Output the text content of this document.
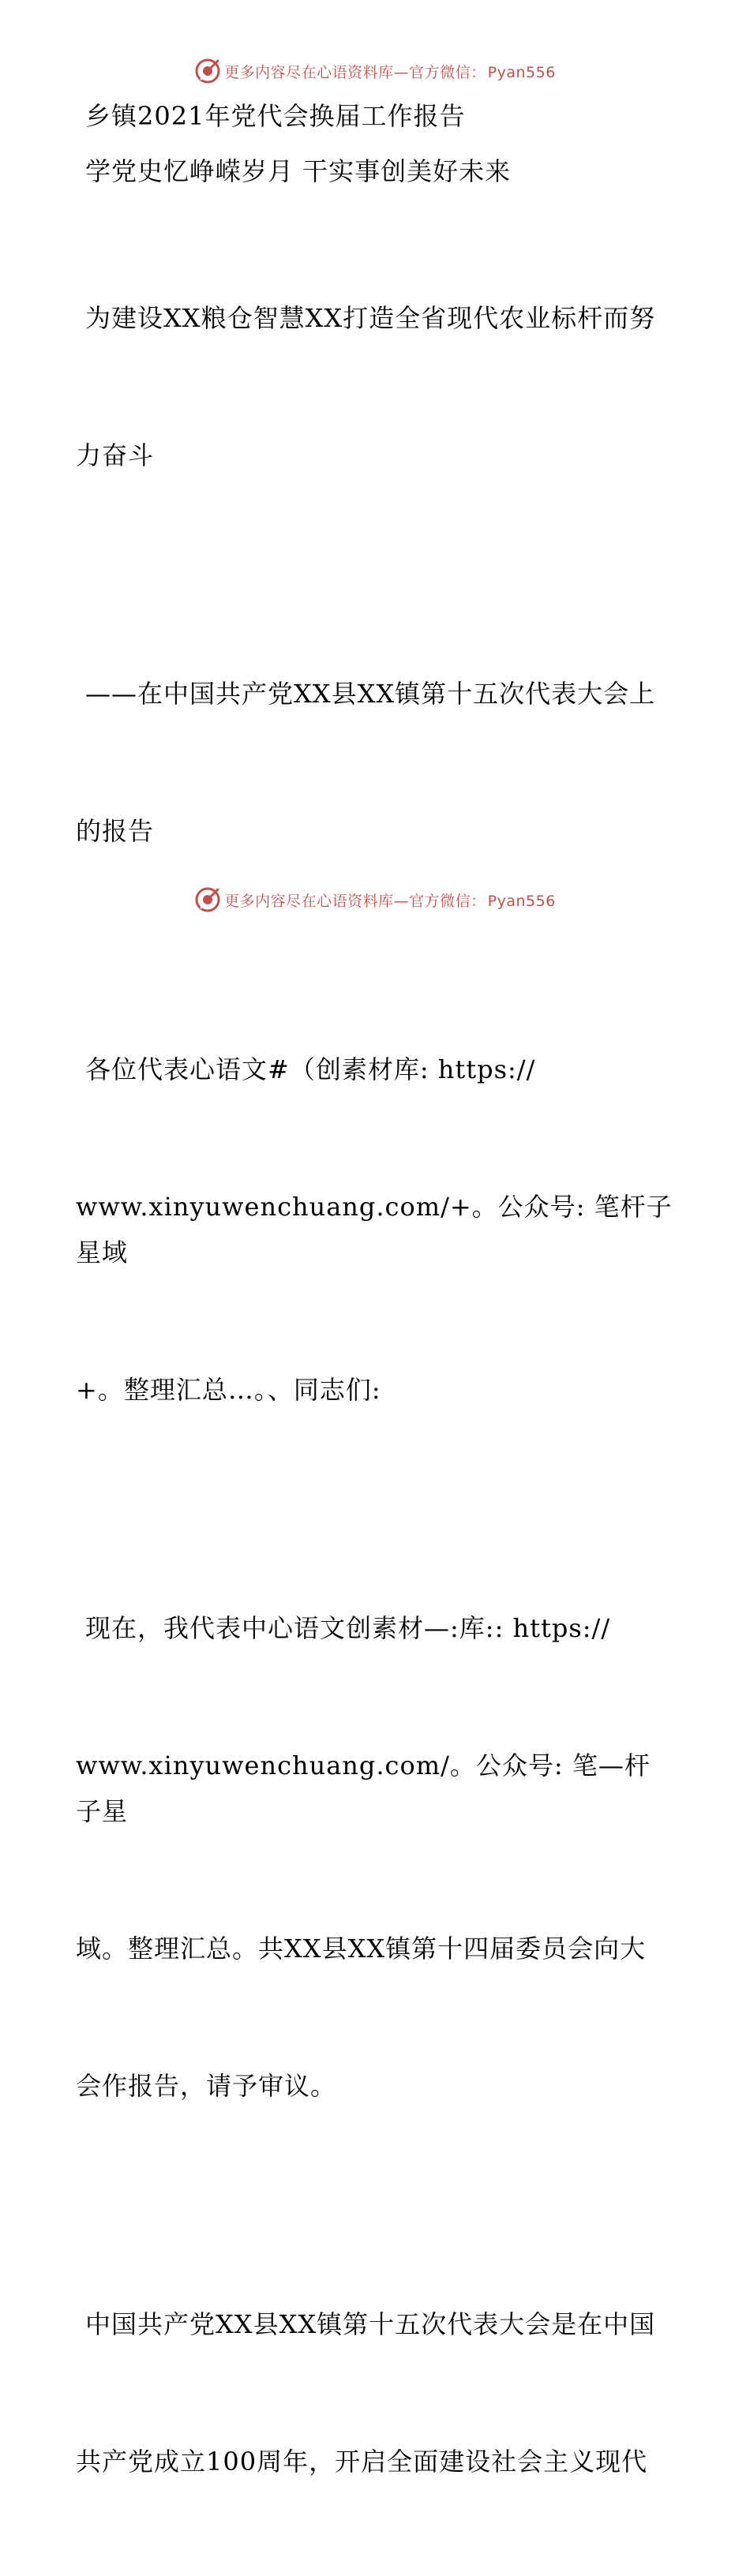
更多内容尽在心语资料库—官方微信： Pyan556

乡镇2021年党代会换届工作报告

学党史忆峥嵘岁月 干实事创美好未来

为建设XX粮仓智慧XX打造全省现代农业标杆而努

力奋斗

——在中国共产党XX县XX镇第十五次代表大会上

的报告

各位代表心语文#（创素材库: https://

www.xinyuwenchuang.com/+。公众号: 笔杆子星域

+。整理汇总…。、同志们:

现在，我代表中心语文创素材—:库:: https://

www.xinyuwenchuang.com/。公众号: 笔—杆子星

域。整理汇总。共XX县XX镇第十四届委员会向大

会作报告，请予审议。

中国共产党XX县XX镇第十五次代表大会是在中国

共产党成立100周年，开启全面建设社会主义现代

更多内容尽在心语资料库—官方微信： Pyan556
